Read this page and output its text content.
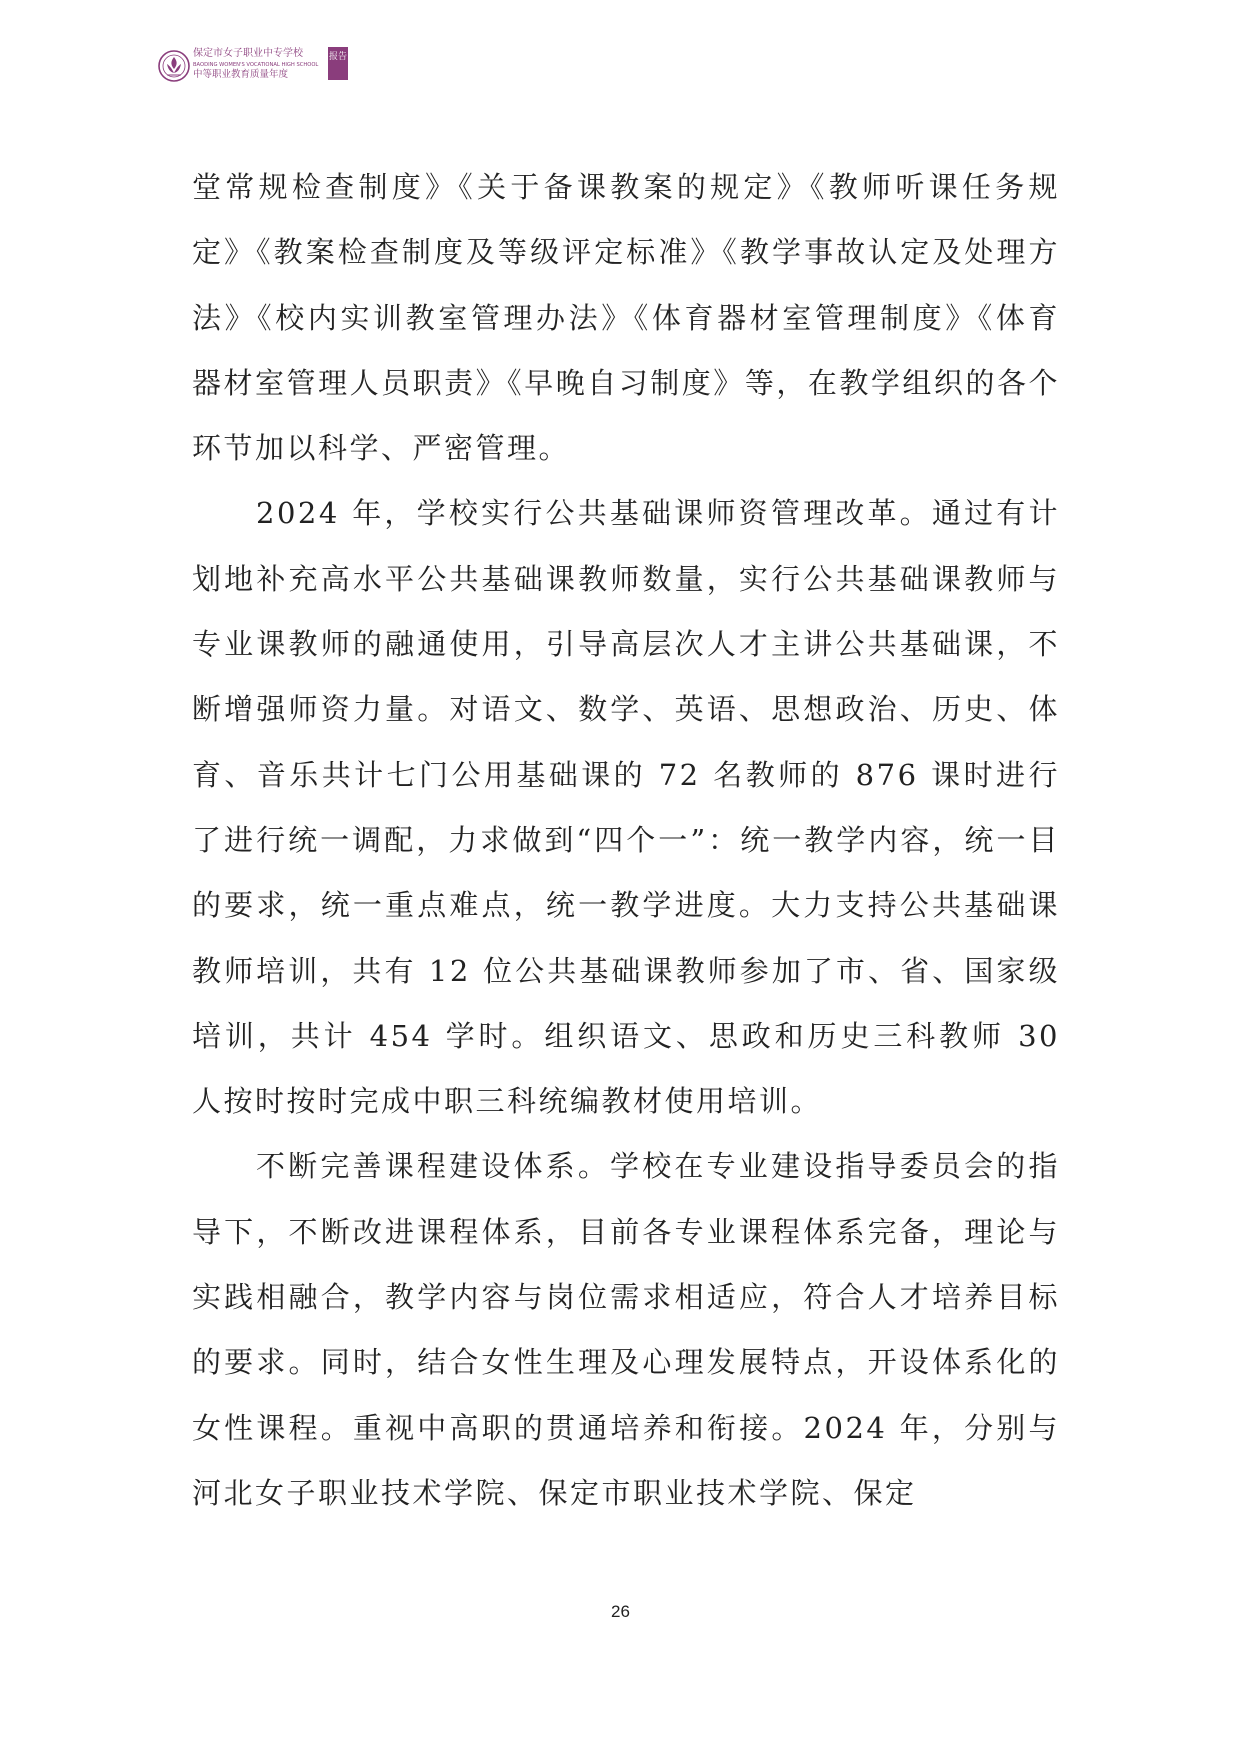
保定市女子职业中专学校
BAODING WOMEN'S VOCATIONAL HIGH SCHOOL
中等职业教育质量年度
报告

堂常规检查制度》《关于备课教案的规定》《教师听课任务规定》《教案检查制度及等级评定标准》《教学事故认定及处理方法》《校内实训教室管理办法》《体育器材室管理制度》《体育器材室管理人员职责》《早晚自习制度》等，在教学组织的各个环节加以科学、严密管理。

2024 年，学校实行公共基础课师资管理改革。通过有计划地补充高水平公共基础课教师数量，实行公共基础课教师与专业课教师的融通使用，引导高层次人才主讲公共基础课，不断增强师资力量。对语文、数学、英语、思想政治、历史、体育、音乐共计七门公用基础课的 72 名教师的 876 课时进行了进行统一调配，力求做到“四个一”：统一教学内容，统一目的要求，统一重点难点，统一教学进度。大力支持公共基础课教师培训，共有 12 位公共基础课教师参加了市、省、国家级培训，共计 454 学时。组织语文、思政和历史三科教师 30 人按时按时完成中职三科统编教材使用培训。

不断完善课程建设体系。学校在专业建设指导委员会的指导下，不断改进课程体系，目前各专业课程体系完备，理论与实践相融合，教学内容与岗位需求相适应，符合人才培养目标的要求。同时，结合女性生理及心理发展特点，开设体系化的女性课程。重视中高职的贯通培养和衔接。2024 年，分别与河北女子职业技术学院、保定市职业技术学院、保定

26
